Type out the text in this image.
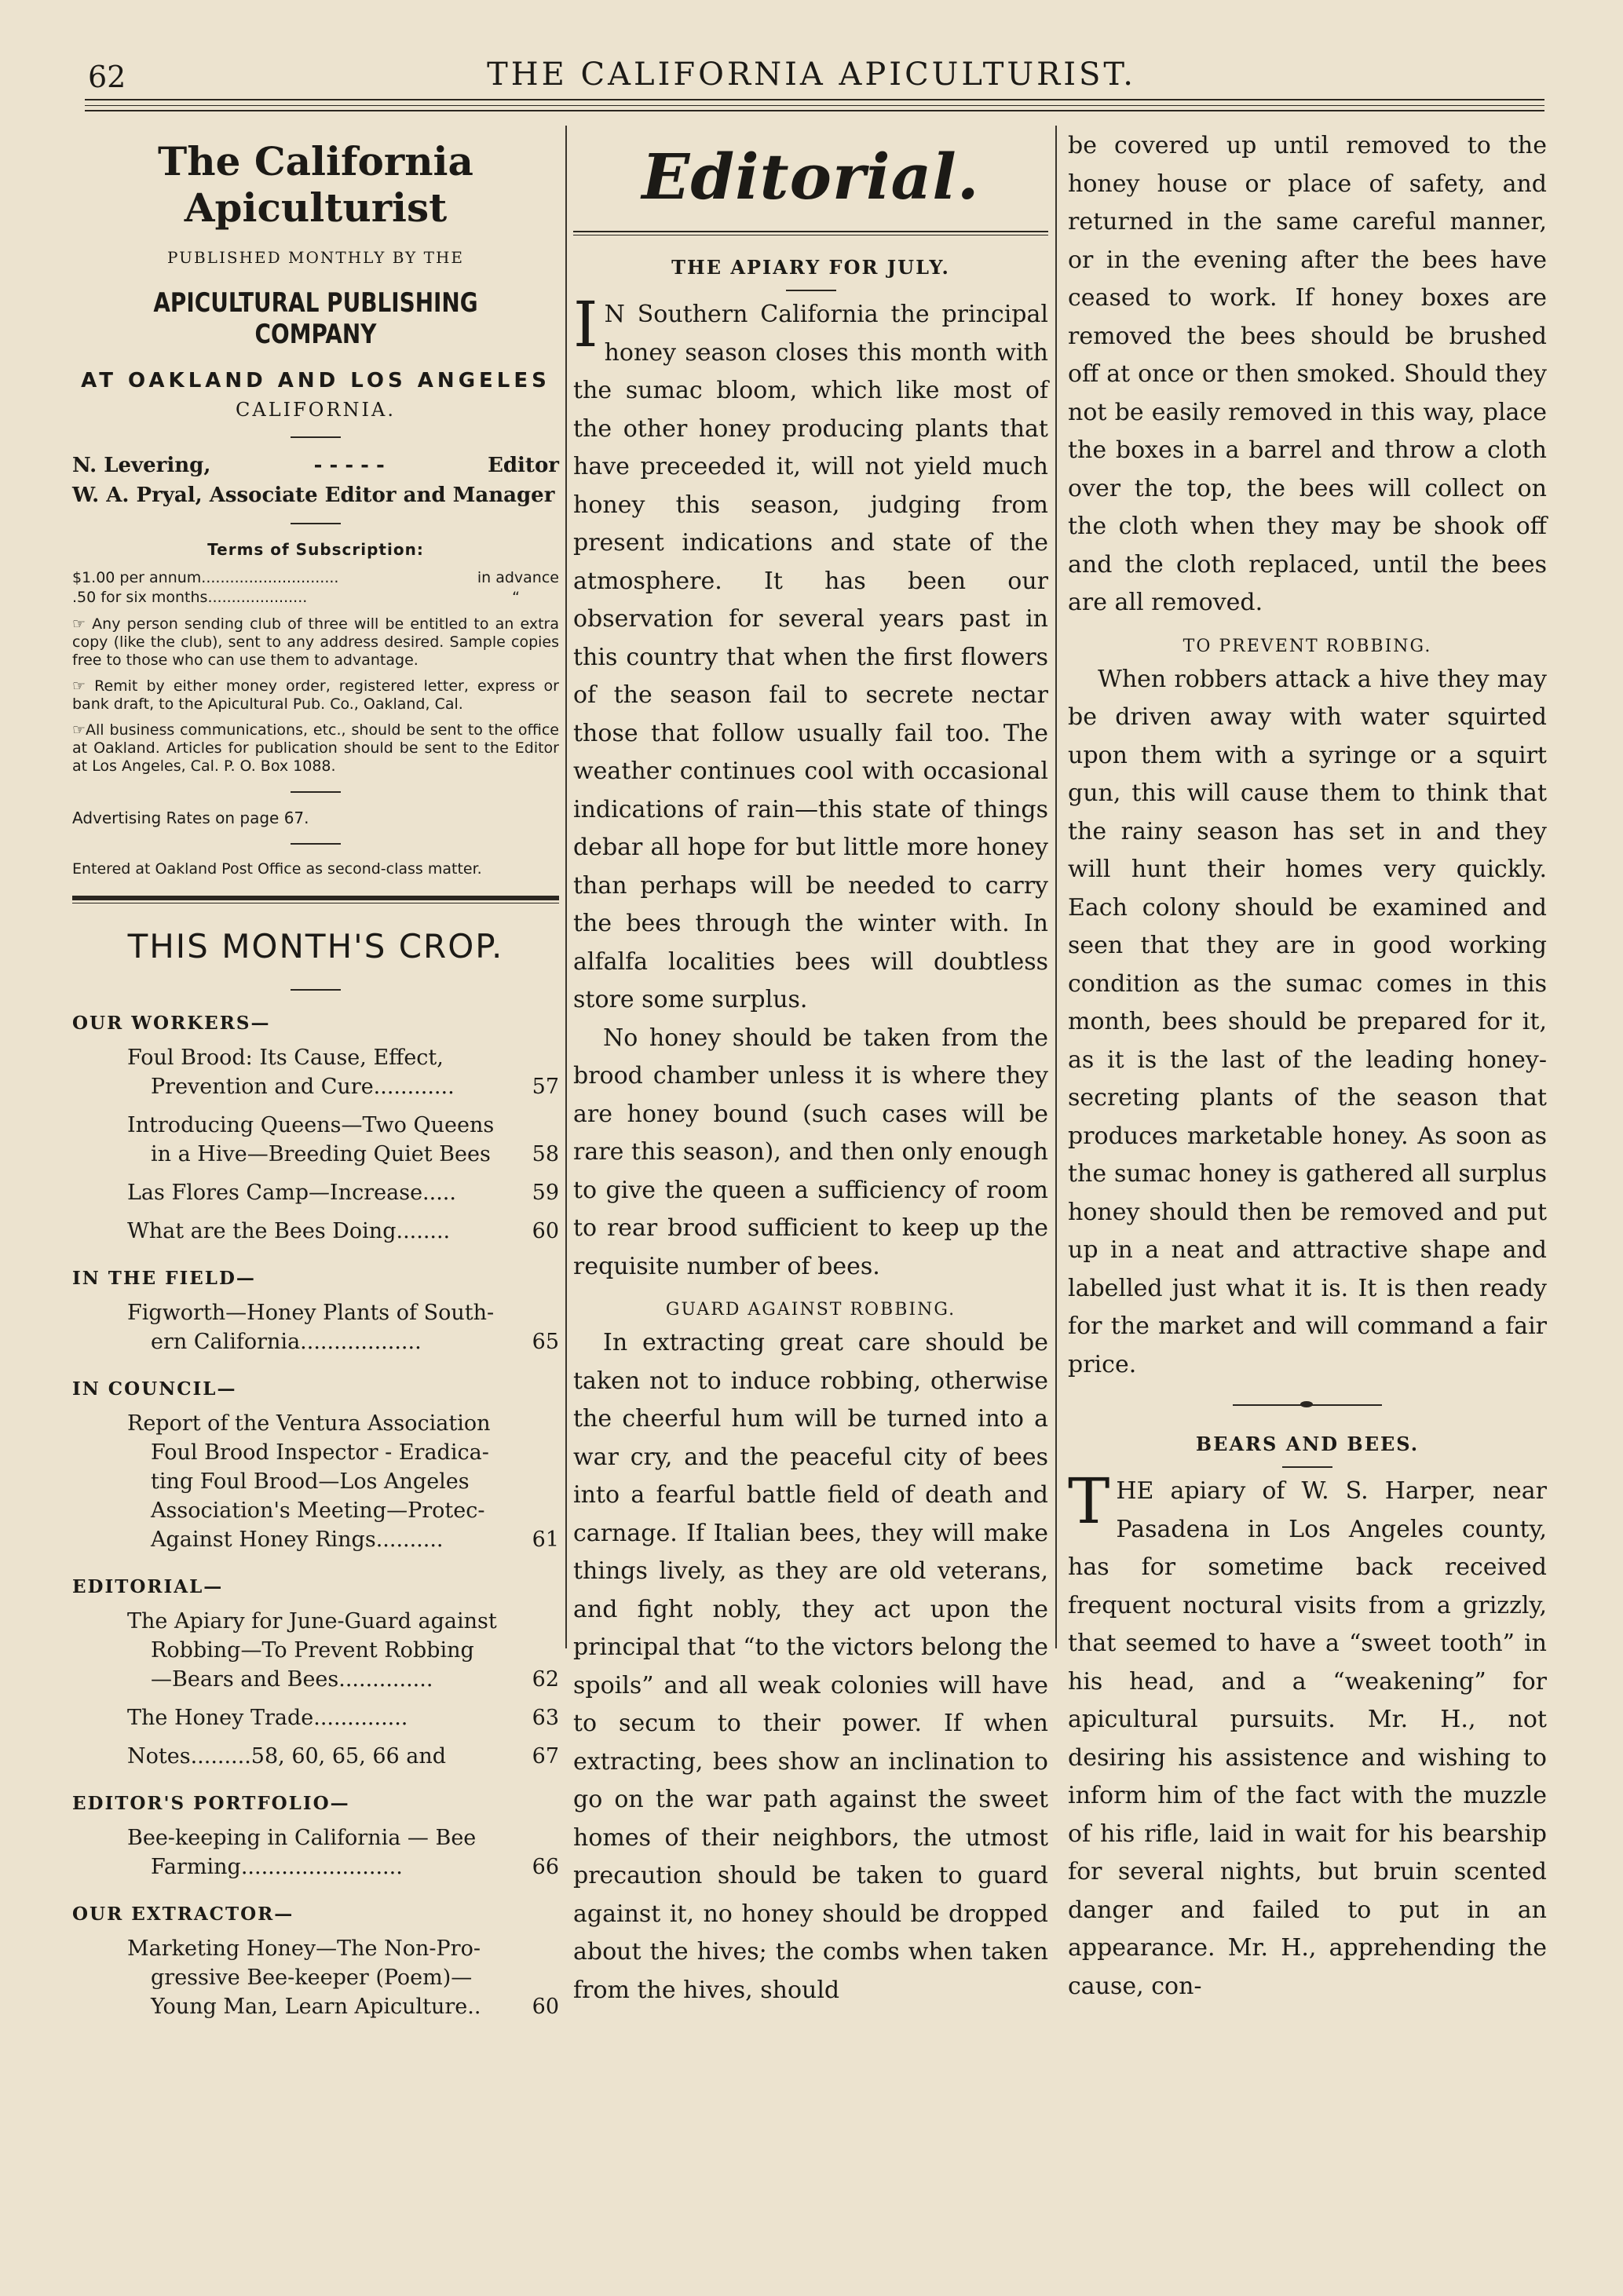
62	THE CALIFORNIA APICULTURIST.
The California Apiculturist
PUBLISHED MONTHLY BY THE
APICULTURAL PUBLISHING COMPANY
AT OAKLAND AND LOS ANGELES
CALIFORNIA.
N. Levering,	- - - - -	Editor
W. A. Pryal, Associate Editor and Manager
Terms of Subscription:
$1.00 per annum.............................	in advance
.50 for six months.....................	“
☞ Any person sending club of three will be entitled to an extra copy (like the club), sent to any address desired. Sample copies free to those who can use them to advantage.
☞ Remit by either money order, registered letter, express or bank draft, to the Apicultural Pub. Co., Oakland, Cal.
☞All business communications, etc., should be sent to the office at Oakland. Articles for publication should be sent to the Editor at Los Angeles, Cal. P. O. Box 1088.
Advertising Rates on page 67.
Entered at Oakland Post Office as second-class matter.
THIS MONTH'S CROP.
OUR WORKERS—
Foul Brood: Its Cause, Effect,
Prevention and Cure............	57
Introducing Queens—Two Queens
in a Hive—Breeding Quiet Bees 58
Las Flores Camp—Increase.....	59
What are the Bees Doing........	60
IN THE FIELD—
Figworth—Honey Plants of South-
ern California..................	65
IN COUNCIL—
Report of the Ventura Association
Foul Brood Inspector - Eradica-
ting Foul Brood—Los Angeles
Association's Meeting—Protec-
Against Honey Rings..........	61
EDITORIAL—
The Apiary for June-Guard against
Robbing—To Prevent Robbing
—Bears and Bees..............	62
The Honey Trade..............	63
Notes.........58, 60, 65, 66 and	67
EDITOR'S PORTFOLIO—
Bee-keeping in California — Bee
Farming........................	66
OUR EXTRACTOR—
Marketing Honey—The Non-Pro-
gressive Bee-keeper (Poem)—
Young Man, Learn Apiculture.. 60
Editorial.
THE APIARY FOR JULY.

I N Southern California the principal honey season closes this month with the sumac bloom, which like most of the other honey producing plants that have preceeded it, will not yield much honey this season, judging from present indications and state of the atmosphere. It has been our observation for several years past in this country that when the first flowers of the season fail to secrete nectar those that follow usually fail too. The weather continues cool with occasional indications of rain—this state of things debar all hope for but little more honey than perhaps will be needed to carry the bees through the winter with. In alfalfa localities bees will doubtless store some surplus.

No honey should be taken from the brood chamber unless it is where they are honey bound (such cases will be rare this season), and then only enough to give the queen a sufficiency of room to rear brood sufficient to keep up the requisite number of bees.

GUARD AGAINST ROBBING.

In extracting great care should be taken not to induce robbing, otherwise the cheerful hum will be turned into a war cry, and the peaceful city of bees into a fearful battle field of death and carnage. If Italian bees, they will make things lively, as they are old veterans, and fight nobly, they act upon the principal that “to the victors belong the spoils” and all weak colonies will have to secum to their power. If when extracting, bees show an inclination to go on the war path against the sweet homes of their neighbors, the utmost precaution should be taken to guard against it, no honey should be dropped about the hives; the combs when taken from the hives, should

be covered up until removed to the honey house or place of safety, and returned in the same careful manner, or in the evening after the bees have ceased to work. If honey boxes are removed the bees should be brushed off at once or then smoked. Should they not be easily removed in this way, place the boxes in a barrel and throw a cloth over the top, the bees will collect on the cloth when they may be shook off and the cloth replaced, until the bees are all removed.

TO PREVENT ROBBING.

When robbers attack a hive they may be driven away with water squirted upon them with a syringe or a squirt gun, this will cause them to think that the rainy season has set in and they will hunt their homes very quickly. Each colony should be examined and seen that they are in good working condition as the sumac comes in this month, bees should be prepared for it, as it is the last of the leading honey-secreting plants of the season that produces marketable honey. As soon as the sumac honey is gathered all surplus honey should then be removed and put up in a neat and attractive shape and labelled just what it is. It is then ready for the market and will command a fair price.

BEARS AND BEES.

THE apiary of W. S. Harper, near Pasadena in Los Angeles county, has for sometime back received frequent noctural visits from a grizzly, that seemed to have a “sweet tooth” in his head, and a “weakening” for apicultural pursuits. Mr. H., not desiring his assistence and wishing to inform him of the fact with the muzzle of his rifle, laid in wait for his bearship for several nights, but bruin scented danger and failed to put in an appearance. Mr. H., apprehending the cause, con-
